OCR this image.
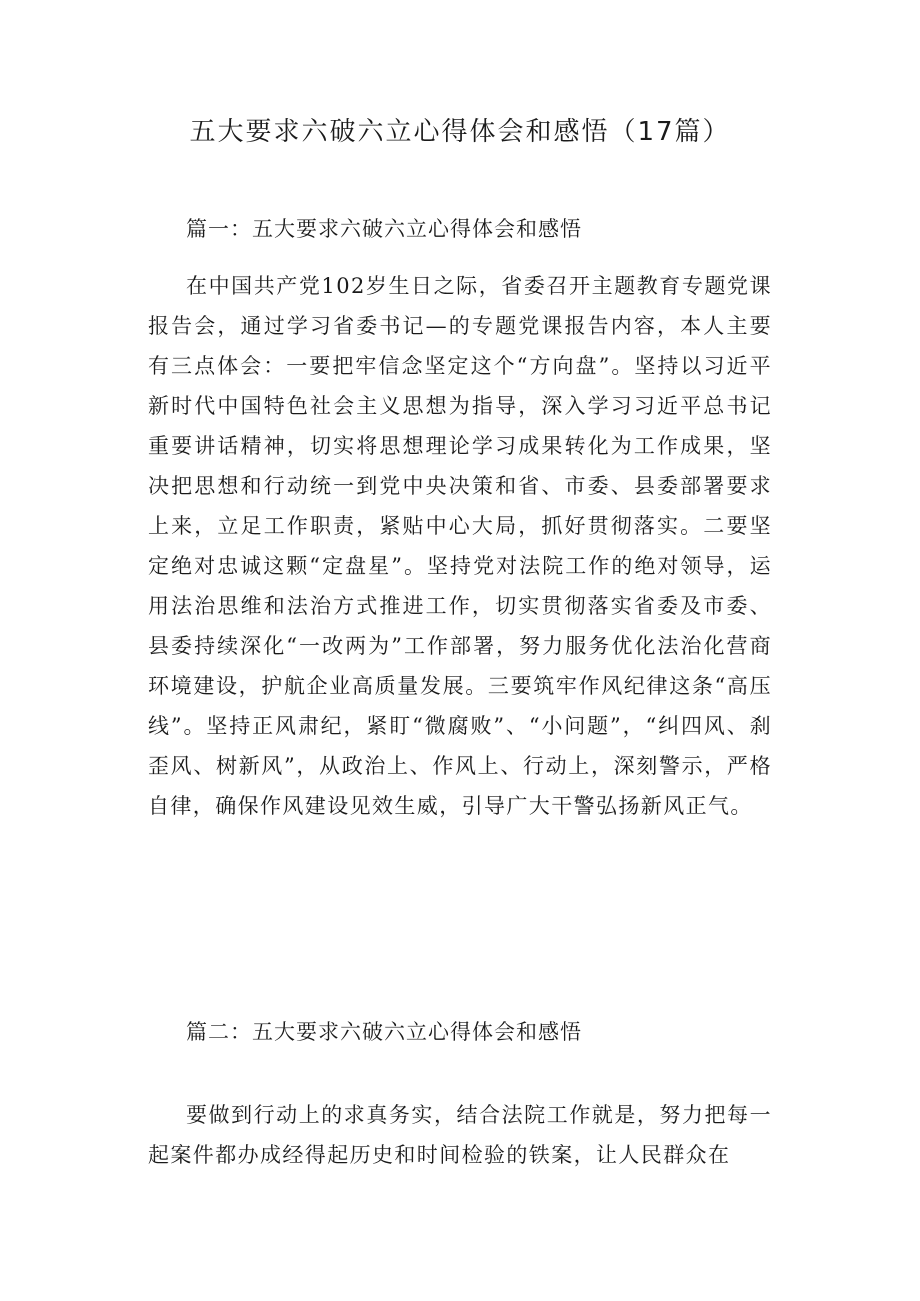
五大要求六破六立心得体会和感悟（17篇）
篇一：五大要求六破六立心得体会和感悟

在中国共产党102岁生日之际，省委召开主题教育专题党课报告会，通过学习省委书记—的专题党课报告内容，本人主要有三点体会：一要把牢信念坚定这个“方向盘”。坚持以习近平新时代中国特色社会主义思想为指导，深入学习习近平总书记重要讲话精神，切实将思想理论学习成果转化为工作成果，坚决把思想和行动统一到党中央决策和省、市委、县委部署要求上来，立足工作职责，紧贴中心大局，抓好贯彻落实。二要坚定绝对忠诚这颗“定盘星”。坚持党对法院工作的绝对领导，运用法治思维和法治方式推进工作，切实贯彻落实省委及市委、县委持续深化“一改两为”工作部署，努力服务优化法治化营商环境建设，护航企业高质量发展。三要筑牢作风纪律这条“高压线”。坚持正风肃纪，紧盯“微腐败”、“小问题”，“纠四风、刹歪风、树新风”，从政治上、作风上、行动上，深刻警示，严格自律，确保作风建设见效生威，引导广大干警弘扬新风正气。

篇二：五大要求六破六立心得体会和感悟

要做到行动上的求真务实，结合法院工作就是，努力把每一起案件都办成经得起历史和时间检验的铁案，让人民群众在
